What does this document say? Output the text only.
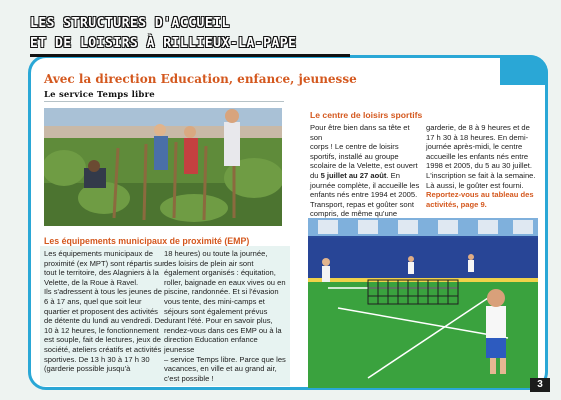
LES STRUCTURES D'ACCUEIL
ET DE LOISIRS À RILLIEUX-LA-PAPE
Avec la direction Education, enfance, jeunesse
Le service Temps libre
Les équipements municipaux de proximité (EMP)
Les équipements municipaux de
proximité (ex MPT) sont répartis sur
tout le territoire, des Alagniers à la
Velette, de la Roue à Ravel.
Ils s'adressent à tous les jeunes de
6 à 17 ans, quel que soit leur
quartier et proposent des activités
de détente du lundi au vendredi. De
10 à 12 heures, le fonctionnement
est souple, fait de lectures, jeux de
société, ateliers créatifs et activités
sportives. De 13 h 30 à 17 h 30
(garderie possible jusqu'à
18 heures) ou toute la journée,
des loisirs de plein air sont
également organisés : équitation,
roller, baignade en eaux vives ou en
piscine, randonnée. Et si l'évasion
vous tente, des mini-camps et
séjours sont également prévus
durant l'été. Pour en savoir plus,
rendez-vous dans ces EMP ou à la
direction Education enfance jeunesse
– service Temps libre. Parce que les
vacances, en ville et au grand air,
c'est possible !
Le centre de loisirs sportifs
Pour être bien dans sa tête et son
corps ! Le centre de loisirs
sportifs, installé au groupe
scolaire de la Velette, est ouvert
du 5 juillet au 27 août. En
journée complète, il accueille les
enfants nés entre 1994 et 2005.
Transport, repas et goûter sont
compris, de même qu'une
garderie, de 8 à 9 heures et de
17 h 30 à 18 heures. En demi-
journée après-midi, le centre
accueille les enfants nés entre
1998 et 2005, du 5 au 30 juillet.
L'inscription se fait à la semaine.
Là aussi, le goûter est fourni.
Reportez-vous au tableau des
activités, page 9.
3
